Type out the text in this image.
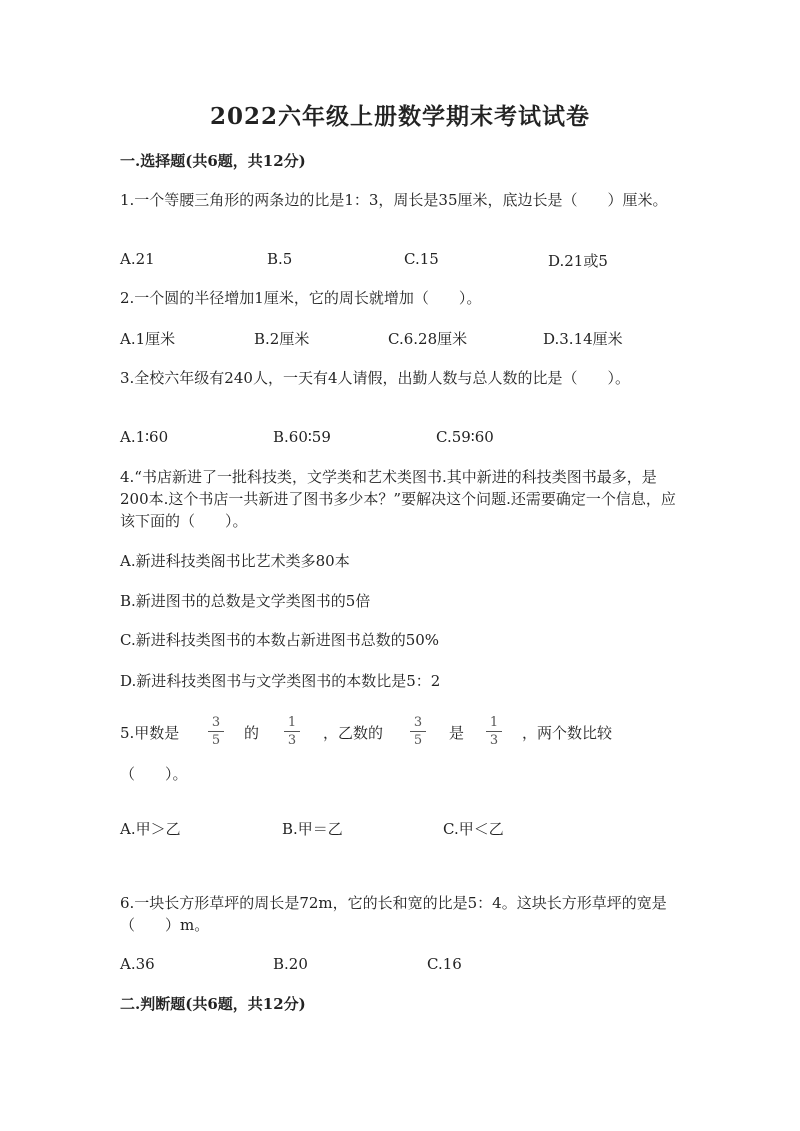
2022六年级上册数学期末考试试卷
一.选择题(共6题，共12分)
1.一个等腰三角形的两条边的比是1：3，周长是35厘米，底边长是（　　）厘米。
A.21	B.5	C.15	D.21或5
2.一个圆的半径增加1厘米，它的周长就增加（　　）。
A.1厘米	B.2厘米	C.6.28厘米	D.3.14厘米
3.全校六年级有240人，一天有4人请假，出勤人数与总人数的比是（　　）。
A.1∶60	B.60∶59	C.59∶60
4.“书店新进了一批科技类，文学类和艺术类图书.其中新进的科技类图书最多，是200本.这个书店一共新进了图书多少本？”要解决这个问题.还需要确定一个信息，应该下面的（　　）。
A.新进科技类阁书比艺术类多80本
B.新进图书的总数是文学类图书的5倍
C.新进科技类图书的本数占新进图书总数的50%
D.新进科技类图书与文学类图书的本数比是5：2
5.甲数是
3
5	的
1
3	，乙数的
3
5	是
1
3	，两个数比较
（　　）。
A.甲＞乙	B.甲＝乙	C.甲＜乙
6.一块长方形草坪的周长是72m，它的长和宽的比是5：4。这块长方形草坪的宽是（　　）m。
A.36	B.20	C.16
二.判断题(共6题，共12分)
